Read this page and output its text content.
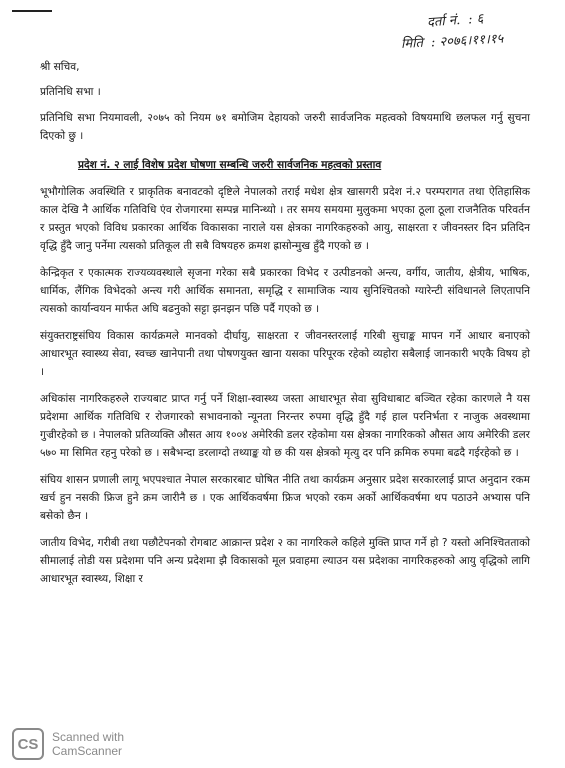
दर्ता नं. : ६
मिति : २०७६।११।१५

श्री सचिव,

प्रतिनिधि सभा ।

प्रतिनिधि सभा नियमावली, २०७५ को नियम ७१ बमोजिम देहायको जरुरी सार्वजनिक महत्वको विषयमाथि छलफल गर्नु सुचना दिएको छु ।

प्रदेश नं. २ लाई विशेष प्रदेश घोषणा सम्बन्धि जरुरी सार्वजनिक महत्वको प्रस्ताव

भूभौगोलिक अवस्थिति र प्राकृतिक बनावटको दृष्टिले नेपालको तराई मधेश क्षेत्र खासगरी प्रदेश नं.२ परम्परागत तथा ऐतिहासिक काल देखि नै आर्थिक गतिविधि एंव रोजगारमा सम्पन्न मानिन्थ्यो । तर समय समयमा मुलुकमा भएका ठूला ठूला राजनैतिक परिवर्तन र प्रस्तुत भएको विविध प्रकारका आर्थिक विकासका नाराले यस क्षेत्रका नागरिकहरुको आयु, साक्षरता र जीवनस्तर दिन प्रतिदिन वृद्धि हुँदै जानु पर्नेमा त्यसको प्रतिकूल ती सबै विषयहरु क्रमश ह्रासोन्मुख हुँदै गएको छ ।

केन्द्रिकृत र एकात्मक राज्यव्यवस्थाले सृजना गरेका सबै प्रकारका विभेद र उत्पीडनको अन्त्य, वर्गीय, जातीय, क्षेत्रीय, भाषिक, धार्मिक, लैंगिक विभेदको अन्त्य गरी आर्थिक समानता, समृद्धि र सामाजिक न्याय सुनिश्चितको ग्यारेन्टी संविधानले लिएतापनि त्यसको कार्यान्वयन मार्फत अघि बढनुको सट्टा झनझन पछि पर्दै गएको छ ।

संयुक्तराष्ट्रसंघिय विकास कार्यक्रमले मानवको दीर्घायु, साक्षरता र जीवनस्तरलाई गरिबी सुचाङ्क मापन गर्ने आधार बनाएको आधारभूत स्वास्थ्य सेवा, स्वच्छ खानेपानी तथा पोषणयुक्त खाना यसका परिपूरक रहेको व्यहोरा सबैलाई जानकारी भएकै विषय हो ।

अधिकांस नागरिकहरुले राज्यबाट प्राप्त गर्नु पर्ने शिक्षा-स्वास्थ्य जस्ता आधारभूत सेवा सुविधाबाट बञ्चित रहेका कारणले नै यस प्रदेशमा आर्थिक गतिविधि र रोजगारको सभावनाको न्यूनता निरन्तर रुपमा वृद्धि हुँदै गई हाल परनिर्भता र नाजुक अवस्थामा गुज्रीरहेको छ । नेपालको प्रतिव्यक्ति औसत आय १००४ अमेरिकी डलर रहेकोमा यस क्षेत्रका नागरिकको औसत आय अमेरिकी डलर ५७० मा सिमित रहनु परेको छ । सबैभन्दा डरलाग्दो तथ्याङ्क यो छ की यस क्षेत्रको मृत्यु दर पनि क्रमिक रुपमा बढदै गईरहेको छ ।

संघिय शासन प्रणाली लागू भएपश्चात नेपाल सरकारबाट घोषित नीति तथा कार्यक्रम अनुसार प्रदेश सरकारलाई प्राप्त अनुदान रकम खर्च हुन नसकी फ्रिज हुने क्रम जारीनै छ । एक आर्थिकवर्षमा फ्रिज भएको रकम अर्को आर्थिकवर्षमा थप पठाउने अभ्यास पनि बसेको छैन ।

जातीय विभेद, गरीबी तथा पछौटेपनको रोगबाट आक्रान्त प्रदेश २ का नागरिकले कहिले मुक्ति प्राप्त गर्ने हो ? यस्तो अनिश्चितताको सीमालाई तोडी यस प्रदेशमा पनि अन्य प्रदेशमा झै विकासको मूल प्रवाहमा ल्याउन यस प्रदेशका नागरिकहरुको आयु वृद्धिको लागि आधारभूत स्वास्थ्य, शिक्षा र

CS	Scanned with
CamScanner
